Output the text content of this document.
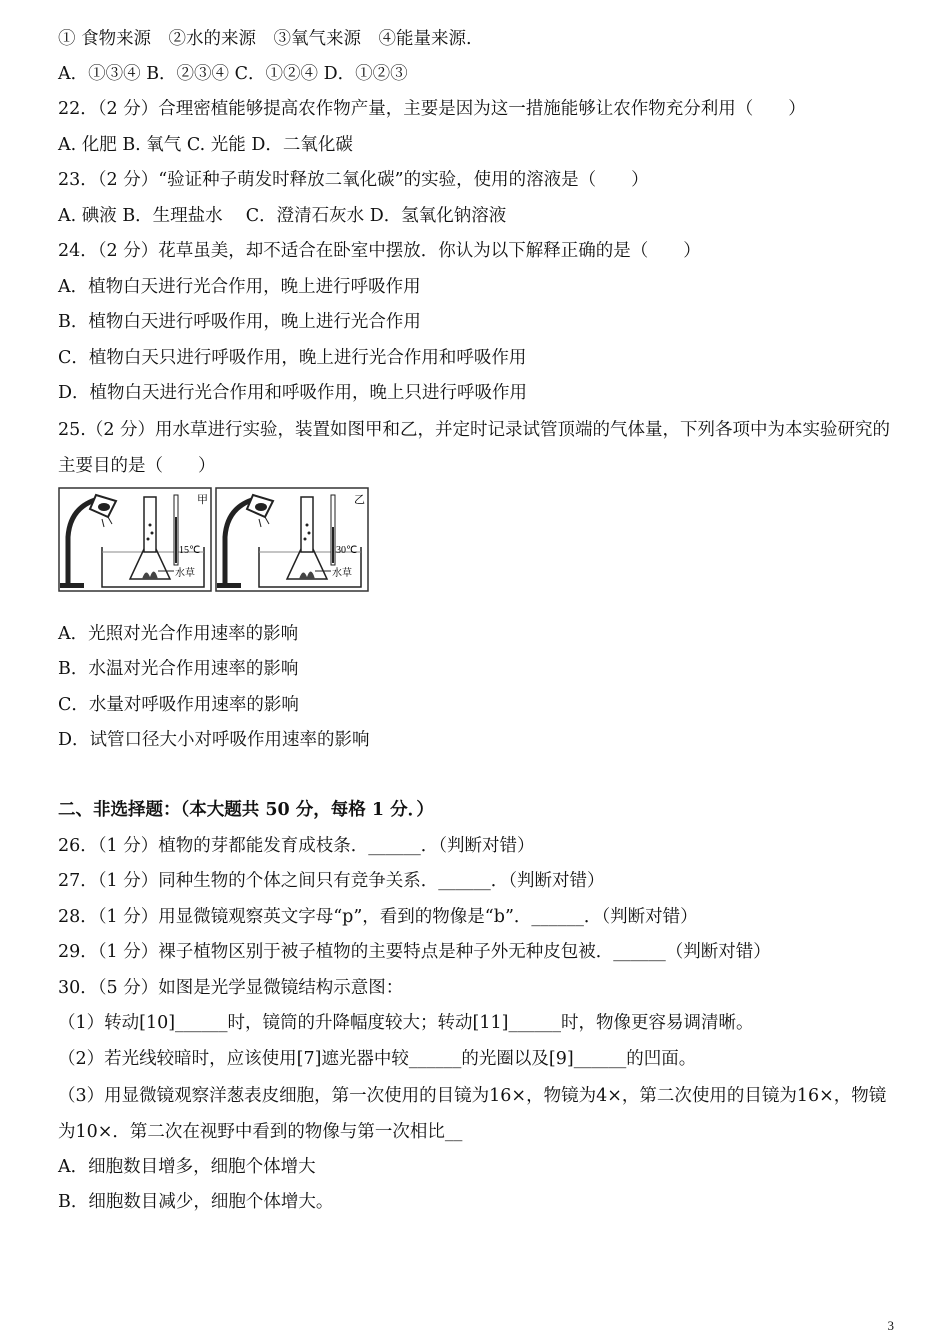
① 食物来源　②水的来源　③氧气来源　④能量来源.
A．①③④ B．②③④ C．①②④ D．①②③
22．（2 分）合理密植能够提高农作物产量，主要是因为这一措施能够让农作物充分利用（　　）
A. 化肥 B. 氧气 C. 光能 D．二氧化碳
23．（2 分）“验证种子萌发时释放二氧化碳”的实验，使用的溶液是（　　）
A. 碘液 B．生理盐水　 C．澄清石灰水 D．氢氧化钠溶液
24．（2 分）花草虽美，却不适合在卧室中摆放．你认为以下解释正确的是（　　）
A．植物白天进行光合作用，晚上进行呼吸作用
B．植物白天进行呼吸作用，晚上进行光合作用
C．植物白天只进行呼吸作用，晚上进行光合作用和呼吸作用
D．植物白天进行光合作用和呼吸作用，晚上只进行呼吸作用
25.（2 分）用水草进行实验，装置如图甲和乙，并定时记录试管顶端的气体量，下列各项中为本实验研究的主要目的是（　　）
甲
15℃
水草
乙
30℃
水草
A．光照对光合作用速率的影响
B．水温对光合作用速率的影响
C．水量对呼吸作用速率的影响
D．试管口径大小对呼吸作用速率的影响
二、非选择题：（本大题共 50 分，每格 1 分．）
26．（1 分）植物的芽都能发育成枝条．______．（判断对错）
27．（1 分）同种生物的个体之间只有竞争关系．______．（判断对错）
28．（1 分）用显微镜观察英文字母“p”，看到的物像是“b”．______．（判断对错）
29．（1 分）裸子植物区别于被子植物的主要特点是种子外无种皮包被．______（判断对错）
30．（5 分）如图是光学显微镜结构示意图：
（1）转动[10]______时，镜筒的升降幅度较大；转动[11]______时，物像更容易调清晰。
（2）若光线较暗时，应该使用[7]遮光器中较______的光圈以及[9]______的凹面。
（3）用显微镜观察洋葱表皮细胞，第一次使用的目镜为16×，物镜为4×，第二次使用的目镜为16×，物镜为10×．第二次在视野中看到的物像与第一次相比__
A．细胞数目增多，细胞个体增大
B．细胞数目减少，细胞个体增大。
3
